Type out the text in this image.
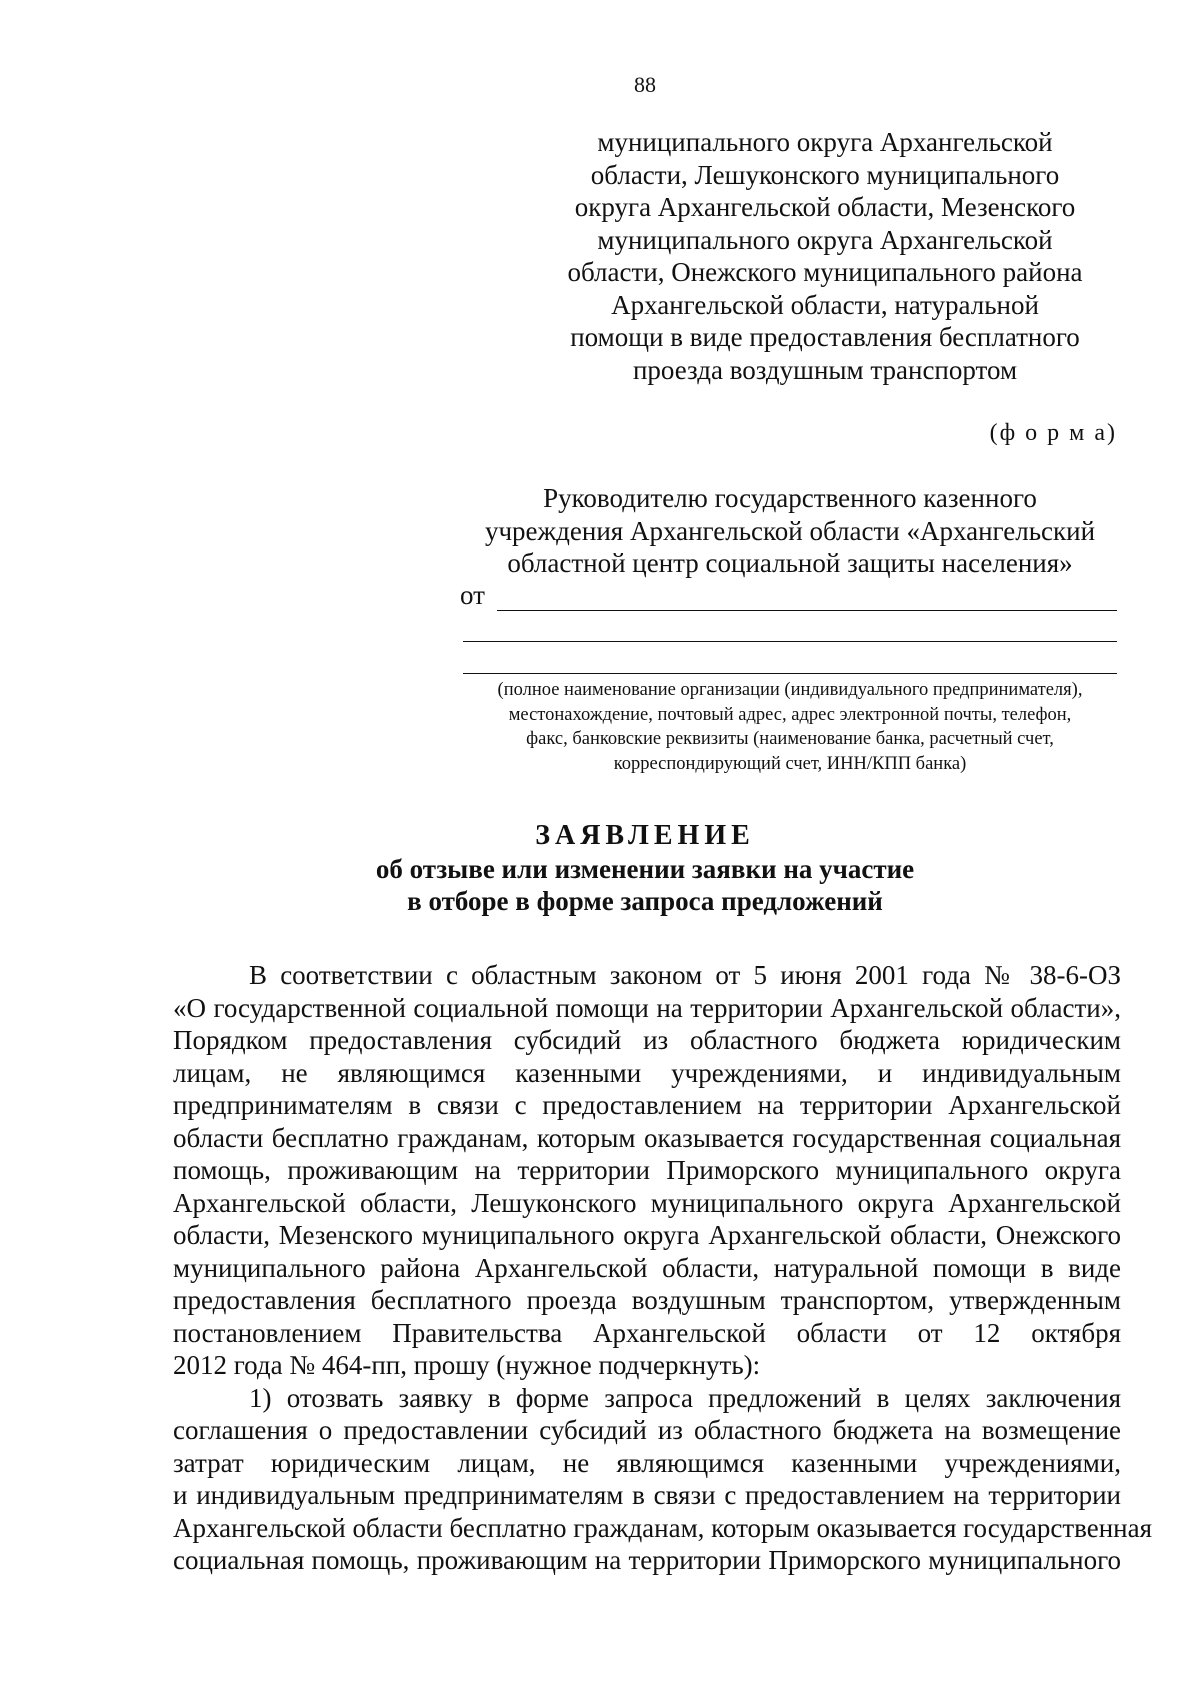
88
муниципального округа Архангельской
области, Лешуконского муниципального
округа Архангельской области, Мезенского
муниципального округа Архангельской
области, Онежского муниципального района
Архангельской области, натуральной
помощи в виде предоставления бесплатного
проезда воздушным транспортом
(ф о р м а)
Руководителю государственного казенного
учреждения Архангельской области «Архангельский
областной центр социальной защиты населения»
от
(полное наименование организации (индивидуального предпринимателя),
местонахождение, почтовый адрес, адрес электронной почты, телефон,
факс, банковские реквизиты (наименование банка, расчетный счет,
корреспондирующий счет, ИНН/КПП банка)
ЗАЯВЛЕНИЕ
об отзыве или изменении заявки на участие
в отборе в форме запроса предложений
В соответствии с областным законом от 5 июня 2001 года № 38-6-ОЗ
«О государственной социальной помощи на территории Архангельской области»,
Порядком предоставления субсидий из областного бюджета юридическим
лицам, не являющимся казенными учреждениями, и индивидуальным
предпринимателям в связи с предоставлением на территории Архангельской
области бесплатно гражданам, которым оказывается государственная социальная
помощь, проживающим на территории Приморского муниципального округа
Архангельской области, Лешуконского муниципального округа Архангельской
области, Мезенского муниципального округа Архангельской области, Онежского
муниципального района Архангельской области, натуральной помощи в виде
предоставления бесплатного проезда воздушным транспортом, утвержденным
постановлением Правительства Архангельской области от 12 октября
2012 года № 464-пп, прошу (нужное подчеркнуть):
1) отозвать заявку в форме запроса предложений в целях заключения
соглашения о предоставлении субсидий из областного бюджета на возмещение
затрат юридическим лицам, не являющимся казенными учреждениями,
и индивидуальным предпринимателям в связи с предоставлением на территории
Архангельской области бесплатно гражданам, которым оказывается государственная
социальная помощь, проживающим на территории Приморского муниципального
